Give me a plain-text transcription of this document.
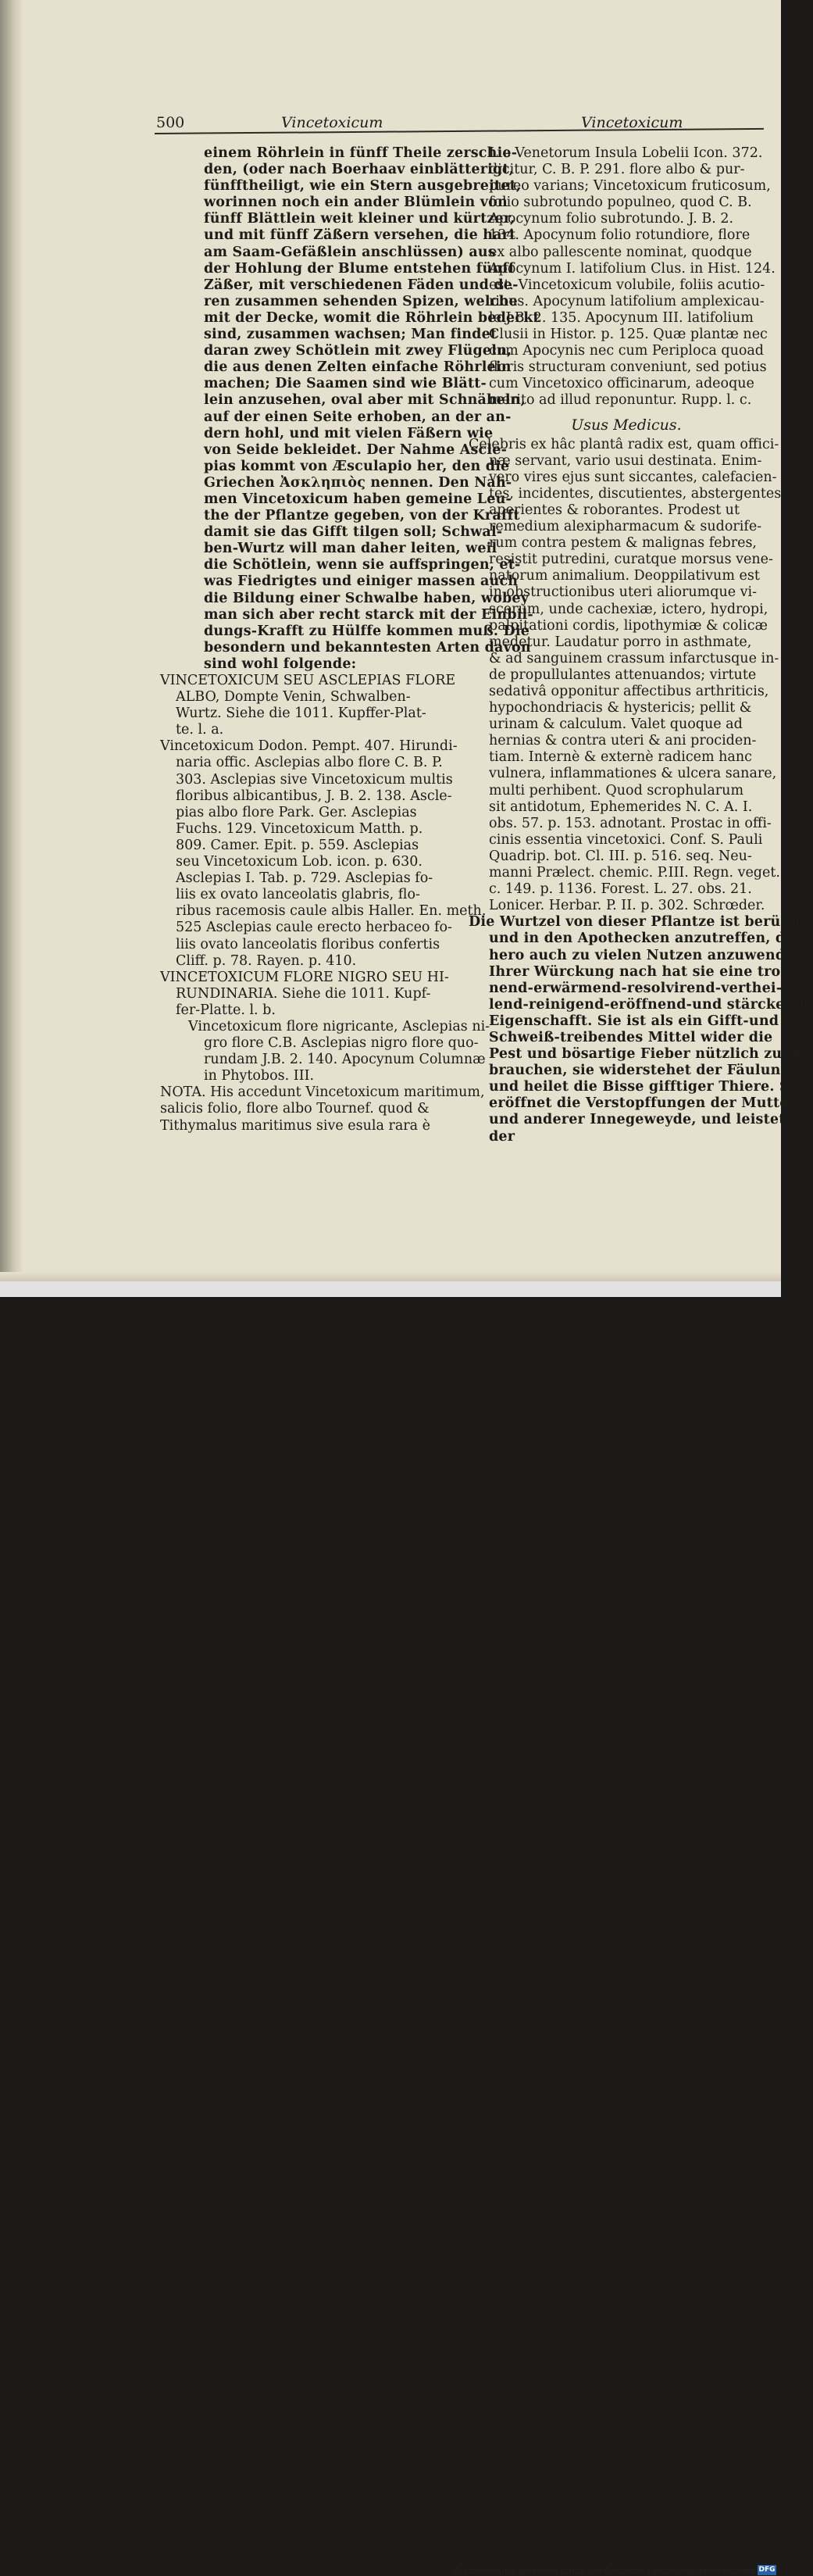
500	Vincetoxicum	Vincetoxicum
einem Röhrlein in fünff Theile zerschie-
den, (oder nach Boerhaav einblätterigt,
fünfftheiligt, wie ein Stern ausgebreitet,
worinnen noch ein ander Blümlein von
fünff Blättlein weit kleiner und kürtzer,
und mit fünff Zäßern versehen, die hart
am Saam-Gefäßlein anschlüssen) aus
der Hohlung der Blume entstehen fünff
Zäßer, mit verschiedenen Fäden und de-
ren zusammen sehenden Spizen, welche
mit der Decke, womit die Röhrlein bedeckt
sind, zusammen wachsen; Man findet
daran zwey Schötlein mit zwey Flügeln,
die aus denen Zelten einfache Röhrlein
machen; Die Saamen sind wie Blätt-
lein anzusehen, oval aber mit Schnäbeln,
auf der einen Seite erhoben, an der an-
dern hohl, und mit vielen Fäßern wie
von Seide bekleidet. Der Nahme Ascle-
pias kommt von Æsculapio her, den die
Griechen Ἀσκληπιὸς nennen. Den Nah-
men Vincetoxicum haben gemeine Leu-
the der Pflantze gegeben, von der Krafft
damit sie das Gifft tilgen soll; Schwal-
ben-Wurtz will man daher leiten, weil
die Schötlein, wenn sie auffspringen, et-
was Fiedrigtes und einiger massen auch
die Bildung einer Schwalbe haben, wobey
man sich aber recht starck mit der Einbil-
dungs-Krafft zu Hülffe kommen muß. Die
besondern und bekanntesten Arten davon
sind wohl folgende:
VINCETOXICUM SEU ASCLEPIAS FLORE
ALBO, Dompte Venin, Schwalben-
Wurtz. Siehe die 1011. Kupffer-Plat-
te. l. a.
Vincetoxicum Dodon. Pempt. 407. Hirundi-
naria offic. Asclepias albo flore C. B. P.
303. Asclepias sive Vincetoxicum multis
floribus albicantibus, J. B. 2. 138. Ascle-
pias albo flore Park. Ger. Asclepias
Fuchs. 129. Vincetoxicum Matth. p.
809. Camer. Epit. p. 559. Asclepias
seu Vincetoxicum Lob. icon. p. 630.
Asclepias I. Tab. p. 729. Asclepias fo-
liis ex ovato lanceolatis glabris, flo-
ribus racemosis caule albis Haller. En. meth.
525 Asclepias caule erecto herbaceo fo-
liis ovato lanceolatis floribus confertis
Cliff. p. 78. Rayen. p. 410.
VINCETOXICUM FLORE NIGRO SEU HI-
RUNDINARIA. Siehe die 1011. Kupf-
fer-Platte. l. b.
Vincetoxicum flore nigricante, Asclepias ni-
gro flore C.B. Asclepias nigro flore quo-
rundam J.B. 2. 140. Apocynum Columnæ
in Phytobos. III.
NOTA. His accedunt Vincetoxicum maritimum,
salicis folio, flore albo Tournef. quod &
Tithymalus maritimus sive esula rara è
Lio Venetorum Insula Lobelii Icon. 372.
dicitur, C. B. P. 291. flore albo & pur-
pureo varians; Vincetoxicum fruticosum,
folio subrotundo populneo, quod C. B.
Apocynum folio subrotundo. J. B. 2.
134. Apocynum folio rotundiore, flore
ex albo pallescente nominat, quodque
Apocynum I. latifolium Clus. in Hist. 124.
est. Vincetoxicum volubile, foliis acutio-
ribus. Apocynum latifolium amplexicau-
le J.B. 2. 135. Apocynum III. latifolium
Clusii in Histor. p. 125. Quæ plantæ nec
cum Apocynis nec cum Periploca quoad
floris structuram conveniunt, sed potius
cum Vincetoxico officinarum, adeoque
merito ad illud reponuntur. Rupp. l. c.
Usus Medicus.
Celebris ex hâc plantâ radix est, quam offici-
næ servant, vario usui destinata. Enim-
vero vires ejus sunt siccantes, calefacien-
tes, incidentes, discutientes, abstergentes,
aperientes & roborantes. Prodest ut
remedium alexipharmacum & sudorife-
rum contra pestem & malignas febres,
resistit putredini, curatque morsus vene-
natorum animalium. Deoppilativum est
in obstructionibus uteri aliorumque vi-
scerum, unde cachexiæ, ictero, hydropi,
palpitationi cordis, lipothymiæ & colicæ
medetur. Laudatur porro in asthmate,
& ad sanguinem crassum infarctusque in-
de propullulantes attenuandos; virtute
sedativâ opponitur affectibus arthriticis,
hypochondriacis & hystericis; pellit &
urinam & calculum. Valet quoque ad
hernias & contra uteri & ani prociden-
tiam. Internè & externè radicem hanc
vulnera, inflammationes & ulcera sanare,
multi perhibent. Quod scrophularum
sit antidotum, Ephemerides N. C. A. I.
obs. 57. p. 153. adnotant. Prostac in offi-
cinis essentia vincetoxici. Conf. S. Pauli
Quadrip. bot. Cl. III. p. 516. seq. Neu-
manni Prælect. chemic. P.III. Regn. veget.
c. 149. p. 1136. Forest. L. 27. obs. 21.
Lonicer. Herbar. P. II. p. 302. Schrœder.
Die Wurtzel von dieser Pflantze ist berühmt
und in den Apothecken anzutreffen, da-
hero auch zu vielen Nutzen anzuwenden.
Ihrer Würckung nach hat sie eine trock-
nend-erwärmend-resolvirend-verthei-
lend-reinigend-eröffnend-und stärckende
Eigenschafft. Sie ist als ein Gifft-und
Schweiß-treibendes Mittel wider die
Pest und bösartige Fieber nützlich zu ge-
brauchen, sie widerstehet der Fäulung,
und heilet die Bisse gifftiger Thiere. Sie
eröffnet die Verstopffungen der Mutter
und anderer Innegeweyde, und leistet in
der
Digitalisierung gefördert durch die Deutsche Forschungsgemeinschaft DFG
